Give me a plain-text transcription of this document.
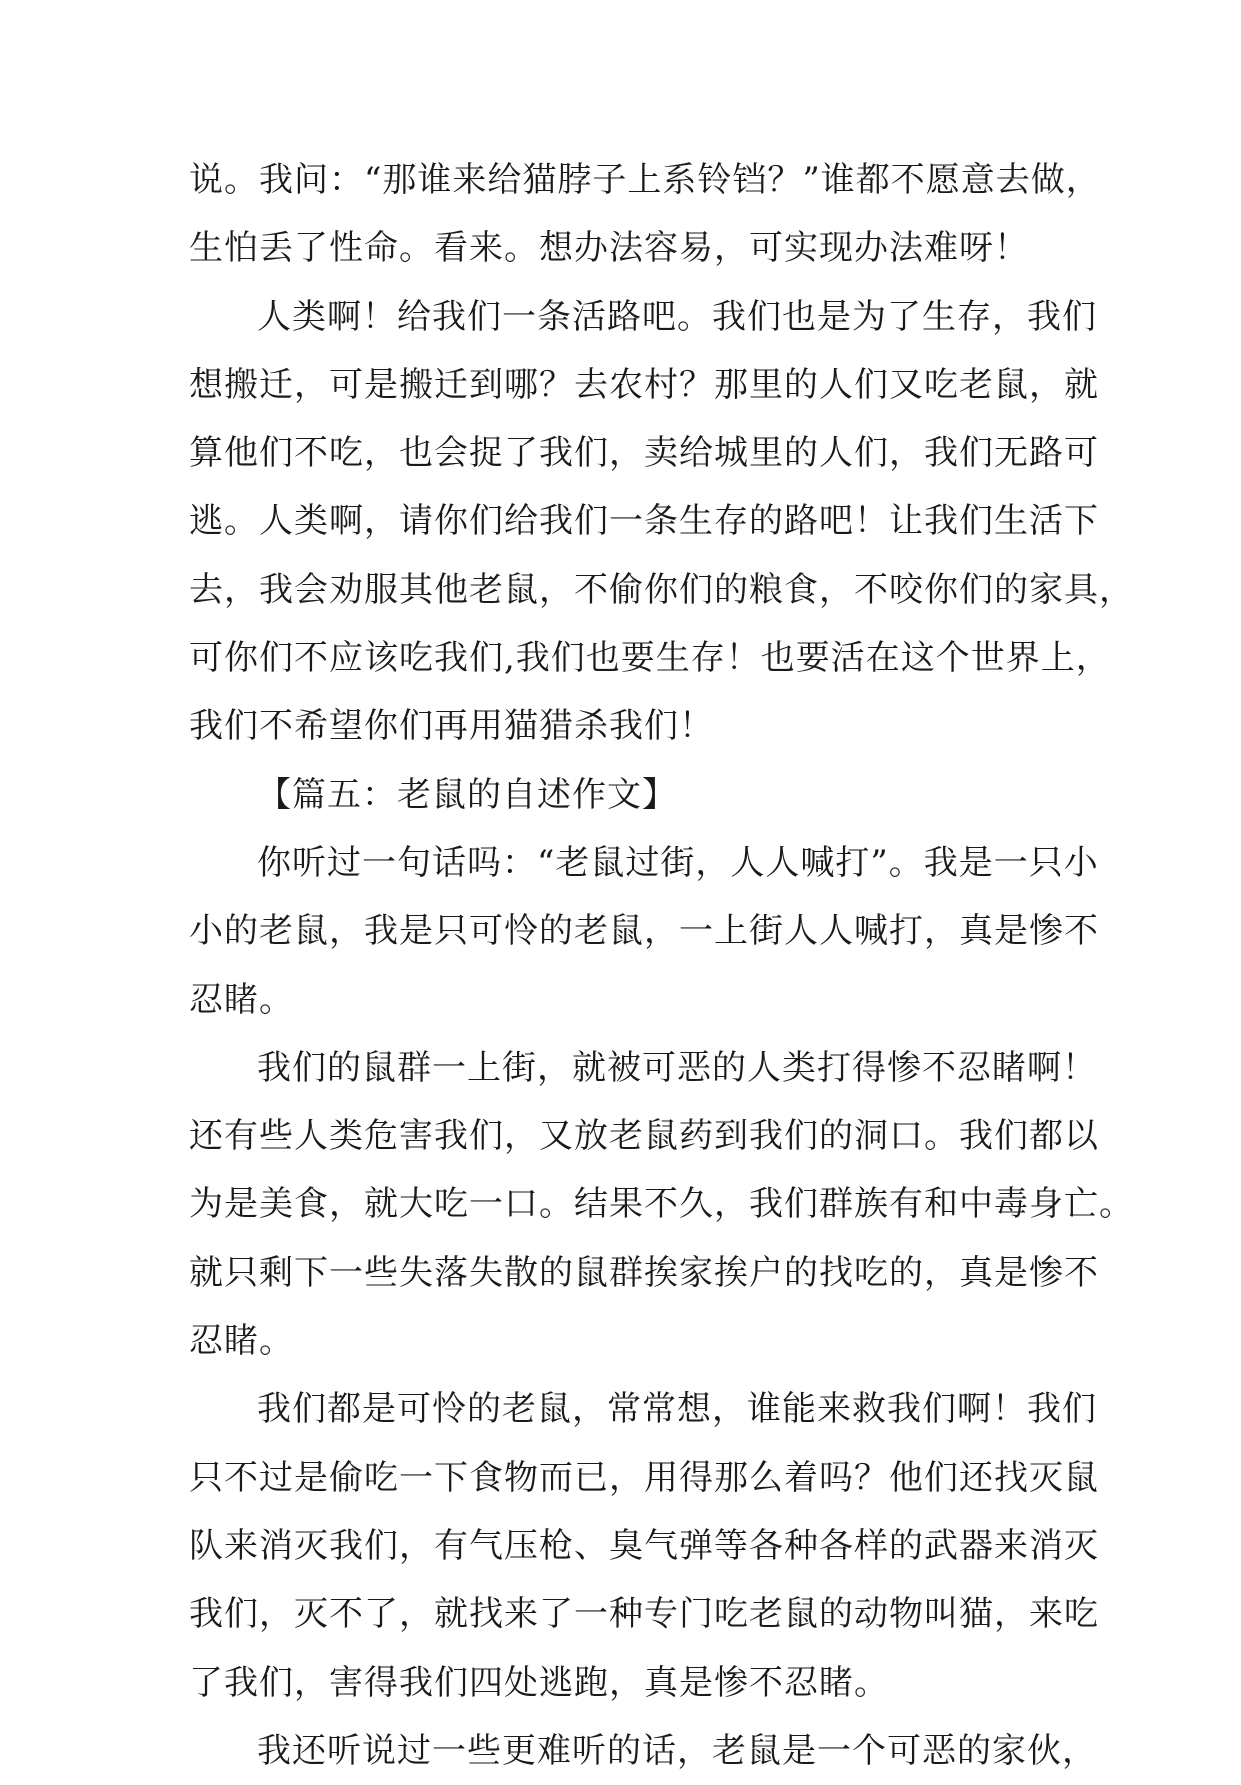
说。我问：“那谁来给猫脖子上系铃铛？”谁都不愿意去做，
生怕丢了性命。看来。想办法容易，可实现办法难呀！
人类啊！给我们一条活路吧。我们也是为了生存，我们
想搬迁，可是搬迁到哪？去农村？那里的人们又吃老鼠，就
算他们不吃，也会捉了我们，卖给城里的人们，我们无路可
逃。人类啊，请你们给我们一条生存的路吧！让我们生活下
去，我会劝服其他老鼠，不偷你们的粮食，不咬你们的家具，
可你们不应该吃我们,我们也要生存！也要活在这个世界上，
我们不希望你们再用猫猎杀我们！
【篇五：老鼠的自述作文】
你听过一句话吗：“老鼠过街，人人喊打”。我是一只小
小的老鼠，我是只可怜的老鼠，一上街人人喊打，真是惨不
忍睹。
我们的鼠群一上街，就被可恶的人类打得惨不忍睹啊！
还有些人类危害我们，又放老鼠药到我们的洞口。我们都以
为是美食，就大吃一口。结果不久，我们群族有和中毒身亡。
就只剩下一些失落失散的鼠群挨家挨户的找吃的，真是惨不
忍睹。
我们都是可怜的老鼠，常常想，谁能来救我们啊！我们
只不过是偷吃一下食物而已，用得那么着吗？他们还找灭鼠
队来消灭我们，有气压枪、臭气弹等各种各样的武器来消灭
我们，灭不了，就找来了一种专门吃老鼠的动物叫猫，来吃
了我们，害得我们四处逃跑，真是惨不忍睹。
我还听说过一些更难听的话，老鼠是一个可恶的家伙，
